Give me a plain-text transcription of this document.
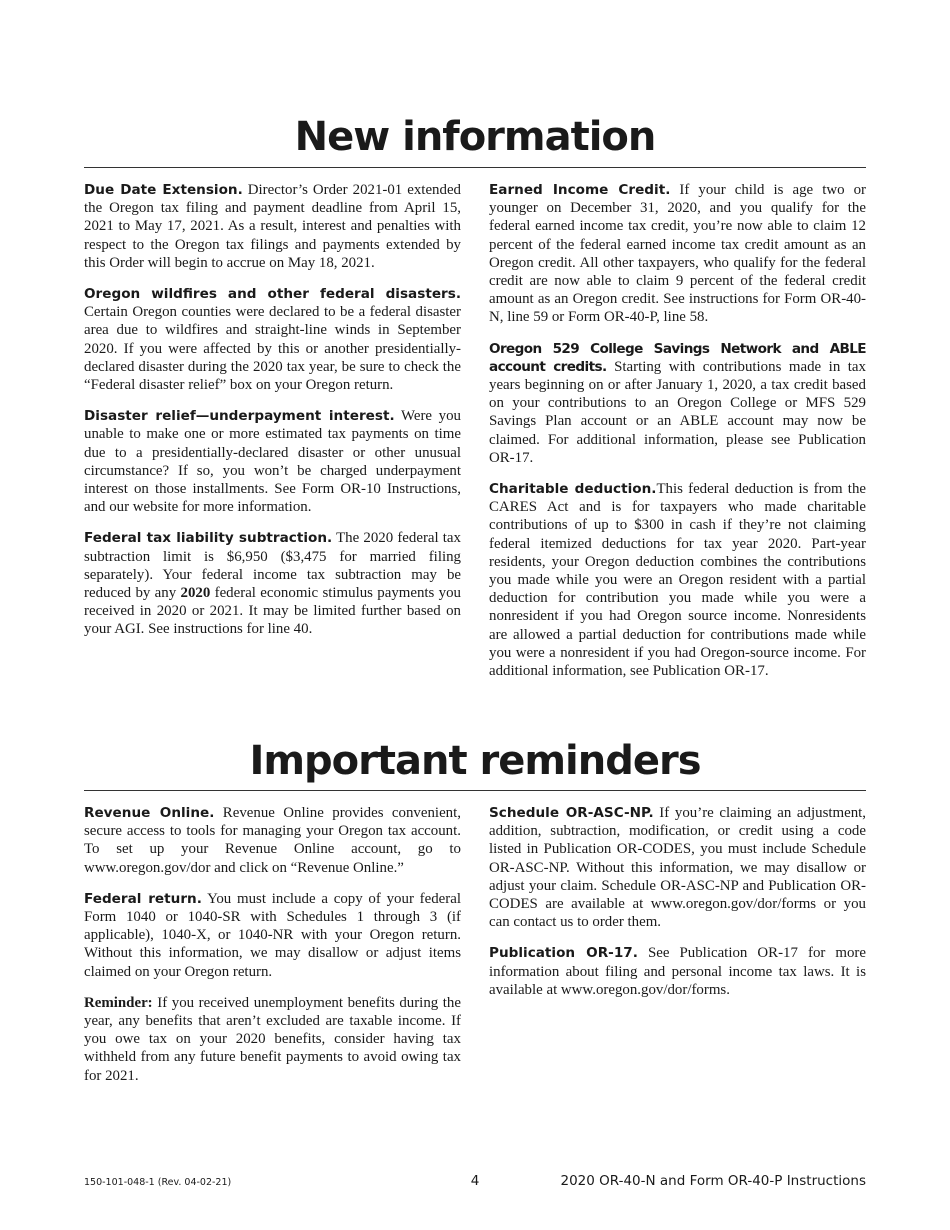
New information

Due Date Extension. Director’s Order 2021-01 extended the Oregon tax filing and payment deadline from April 15, 2021 to May 17, 2021. As a result, interest and penalties with respect to the Oregon tax filings and payments extended by this Order will begin to accrue on May 18, 2021.

Oregon wildfires and other federal disasters. Certain Oregon counties were declared to be a federal disaster area due to wildfires and straight-line winds in September 2020. If you were affected by this or another presidentially-declared disaster during the 2020 tax year, be sure to check the “Federal disaster relief” box on your Oregon return.

Disaster relief—underpayment interest. Were you unable to make one or more estimated tax payments on time due to a presidentially-declared disaster or other unusual circumstance? If so, you won’t be charged underpayment interest on those installments. See Form OR-10 Instructions, and our website for more information.

Federal tax liability subtraction. The 2020 federal tax subtraction limit is $6,950 ($3,475 for married filing separately). Your federal income tax subtraction may be reduced by any 2020 federal economic stimulus payments you received in 2020 or 2021. It may be limited further based on your AGI. See instructions for line 40.

Earned Income Credit. If your child is age two or younger on December 31, 2020, and you qualify for the federal earned income tax credit, you’re now able to claim 12 percent of the federal earned income tax credit amount as an Oregon credit. All other taxpayers, who qualify for the federal credit are now able to claim 9 percent of the federal credit amount as an Oregon credit. See instructions for Form OR-40-N, line 59 or Form OR-40-P, line 58.

Oregon 529 College Savings Network and ABLE account credits. Starting with contributions made in tax years beginning on or after January 1, 2020, a tax credit based on your contributions to an Oregon College or MFS 529 Savings Plan account or an ABLE account may now be claimed. For additional information, please see Publication OR-17.

Charitable deduction.This federal deduction is from the CARES Act and is for taxpayers who made charitable contributions of up to $300 in cash if they’re not claiming federal itemized deductions for tax year 2020. Part-year residents, your Oregon deduction combines the contributions you made while you were an Oregon resident with a partial deduction for contribution you made while you were a nonresident if you had Oregon source income. Nonresidents are allowed a partial deduction for contributions made while you were a nonresident if you had Oregon-source income. For additional information, see Publication OR-17.

Important reminders

Revenue Online. Revenue Online provides convenient, secure access to tools for managing your Oregon tax account. To set up your Revenue Online account, go to www.oregon.gov/dor and click on “Revenue Online.”

Federal return. You must include a copy of your federal Form 1040 or 1040-SR with Schedules 1 through 3 (if applicable), 1040-X, or 1040-NR with your Oregon return. Without this information, we may disallow or adjust items claimed on your Oregon return.

Reminder: If you received unemployment benefits during the year, any benefits that aren’t excluded are taxable income. If you owe tax on your 2020 benefits, consider having tax withheld from any future benefit payments to avoid owing tax for 2021.

Schedule OR-ASC-NP. If you’re claiming an adjustment, addition, subtraction, modification, or credit using a code listed in Publication OR-CODES, you must include Schedule OR-ASC-NP. Without this information, we may disallow or adjust your claim. Schedule OR-ASC-NP and Publication OR-CODES are available at www.oregon.gov/dor/forms or you can contact us to order them.

Publication OR-17. See Publication OR-17 for more information about filing and personal income tax laws. It is available at www.oregon.gov/dor/forms.

150-101-048-1 (Rev. 04-02-21)	4	2020 OR-40-N and Form OR-40-P Instructions
